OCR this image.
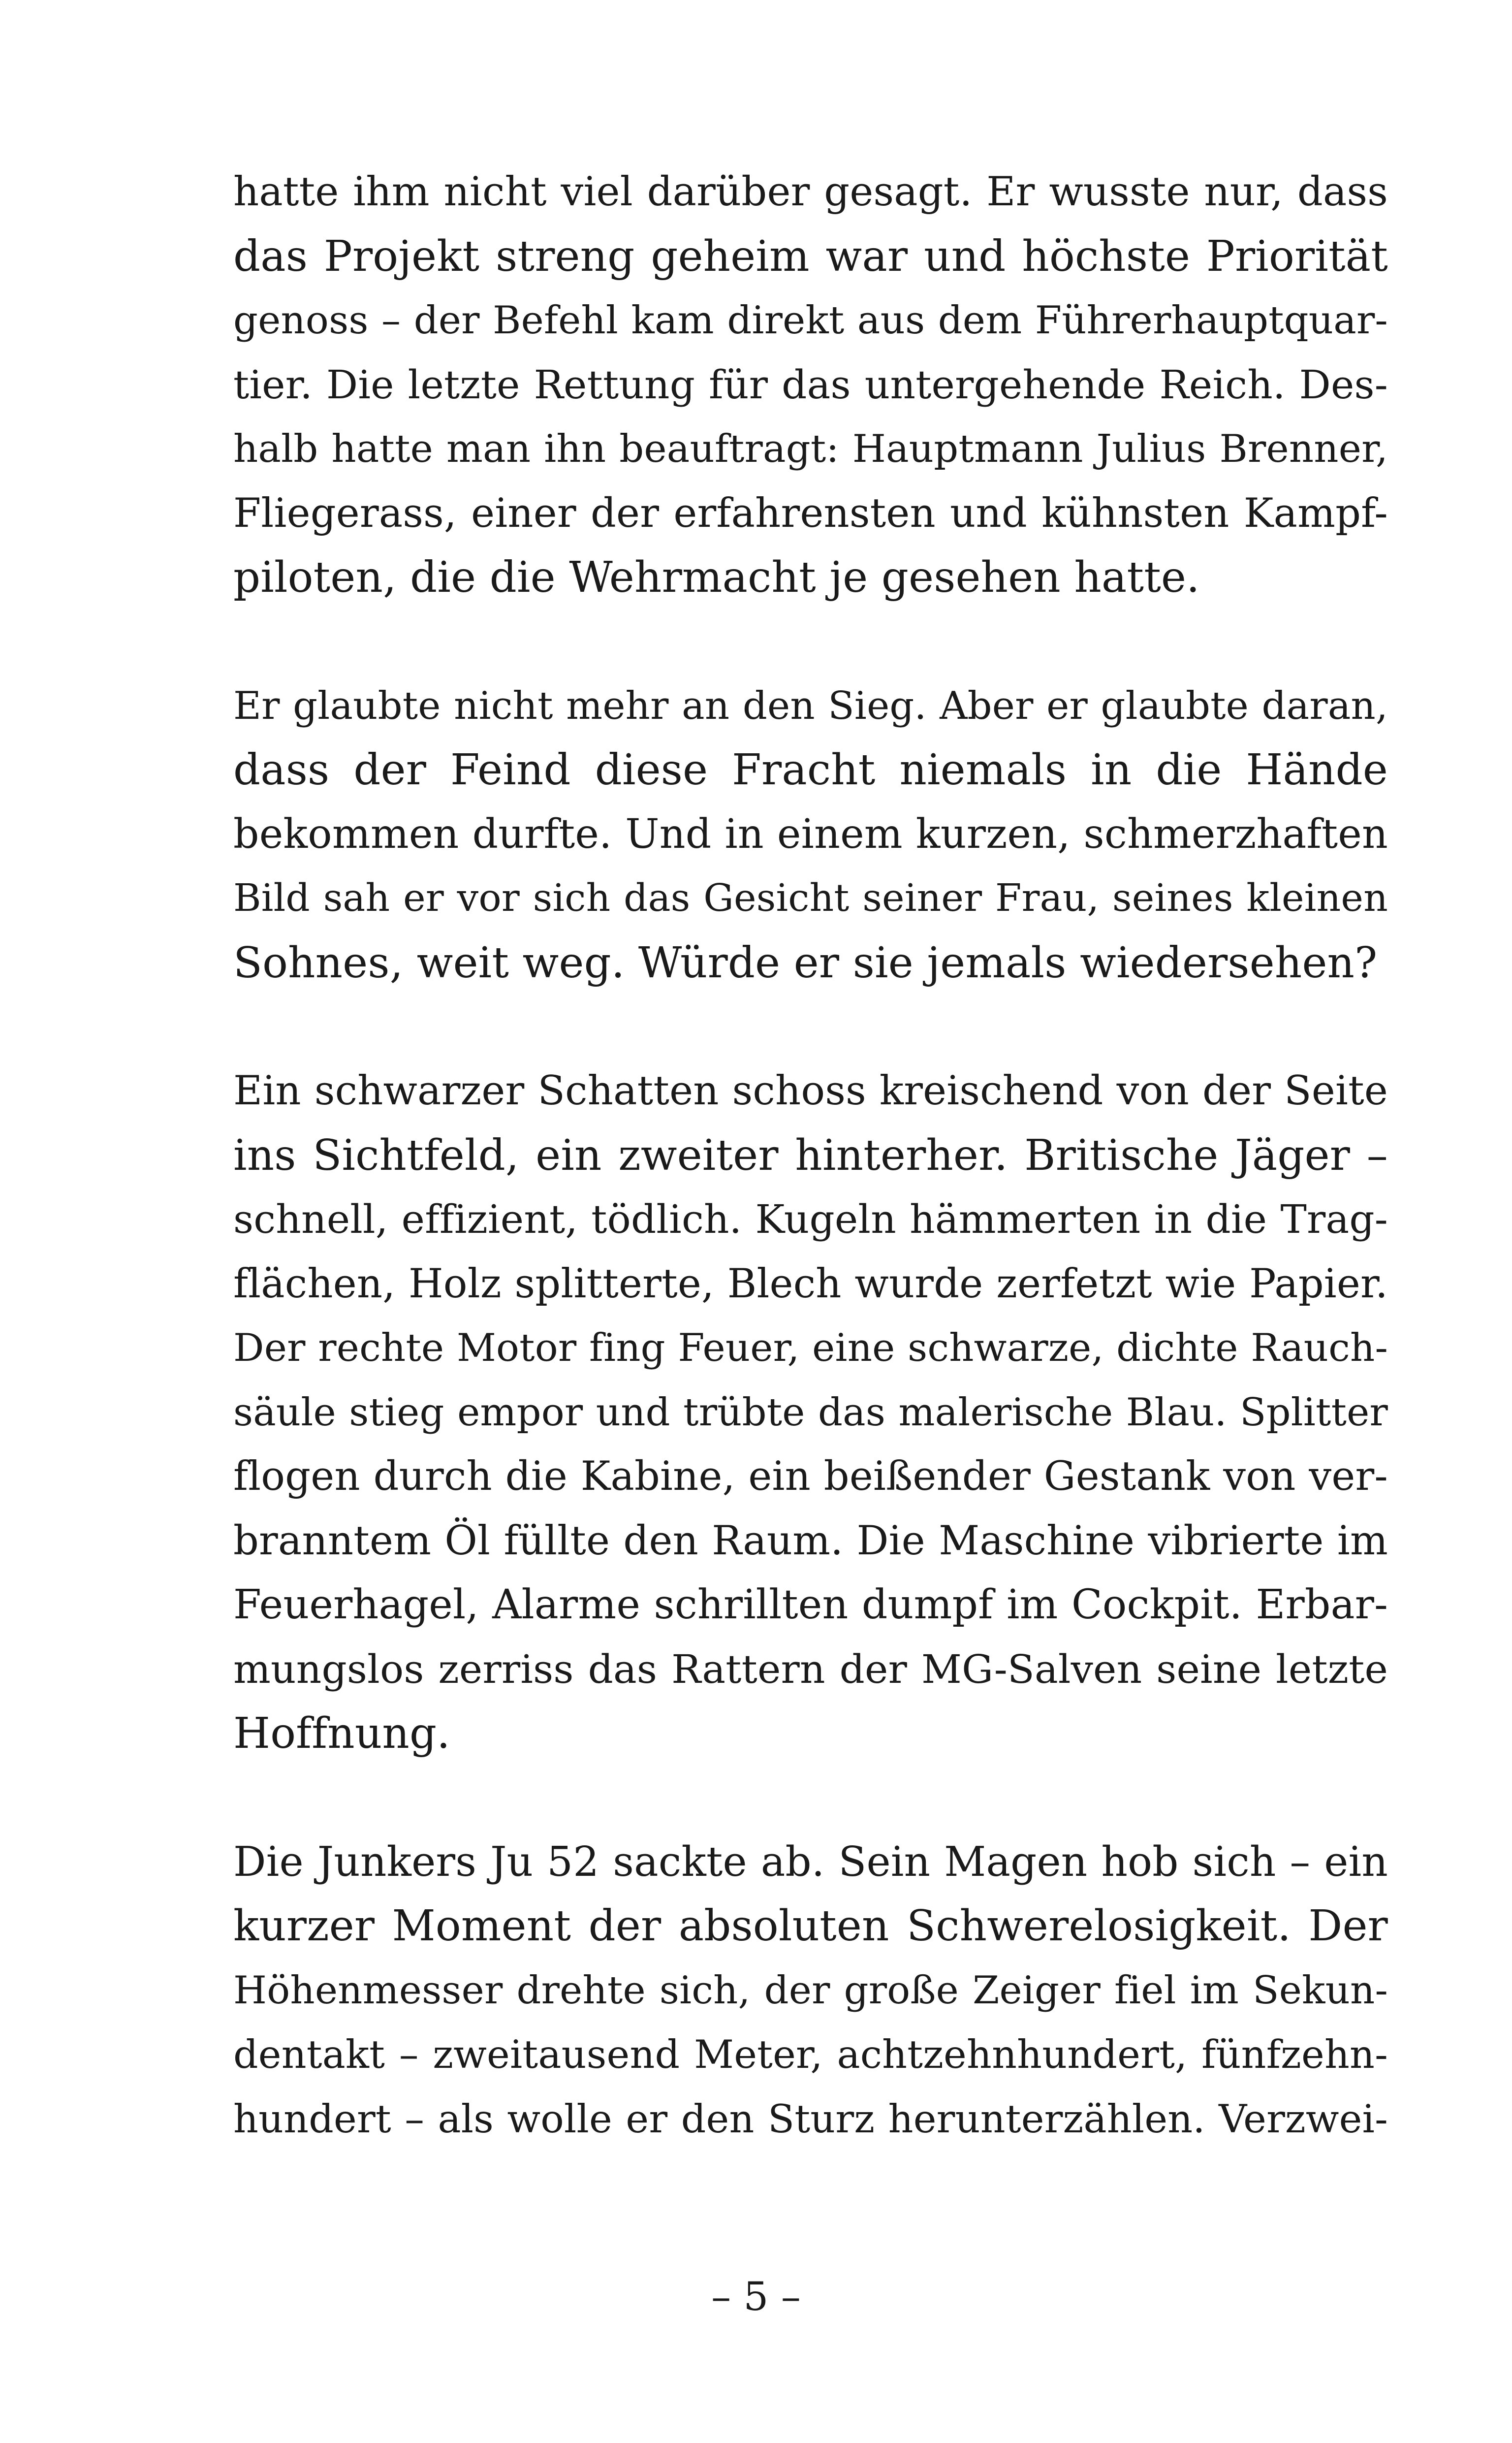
hatte ihm nicht viel darüber gesagt. Er wusste nur, dass
das Projekt streng geheim war und höchste Priorität
genoss – der Befehl kam direkt aus dem Führerhauptquar-
tier. Die letzte Rettung für das untergehende Reich. Des-
halb hatte man ihn beauftragt: Hauptmann Julius Brenner,
Fliegerass, einer der erfahrensten und kühnsten Kampf-
piloten, die die Wehrmacht je gesehen hatte.

Er glaubte nicht mehr an den Sieg. Aber er glaubte daran,
dass der Feind diese Fracht niemals in die Hände
bekommen durfte. Und in einem kurzen, schmerzhaften
Bild sah er vor sich das Gesicht seiner Frau, seines kleinen
Sohnes, weit weg. Würde er sie jemals wiedersehen?

Ein schwarzer Schatten schoss kreischend von der Seite
ins Sichtfeld, ein zweiter hinterher. Britische Jäger –
schnell, effizient, tödlich. Kugeln hämmerten in die Trag-
flächen, Holz splitterte, Blech wurde zerfetzt wie Papier.
Der rechte Motor fing Feuer, eine schwarze, dichte Rauch-
säule stieg empor und trübte das malerische Blau. Splitter
flogen durch die Kabine, ein beißender Gestank von ver-
branntem Öl füllte den Raum. Die Maschine vibrierte im
Feuerhagel, Alarme schrillten dumpf im Cockpit. Erbar-
mungslos zerriss das Rattern der MG-Salven seine letzte
Hoffnung.

Die Junkers Ju 52 sackte ab. Sein Magen hob sich – ein
kurzer Moment der absoluten Schwerelosigkeit. Der
Höhenmesser drehte sich, der große Zeiger fiel im Sekun-
dentakt – zweitausend Meter, achtzehnhundert, fünfzehn-
hundert – als wolle er den Sturz herunterzählen. Verzwei-

– 5 –
